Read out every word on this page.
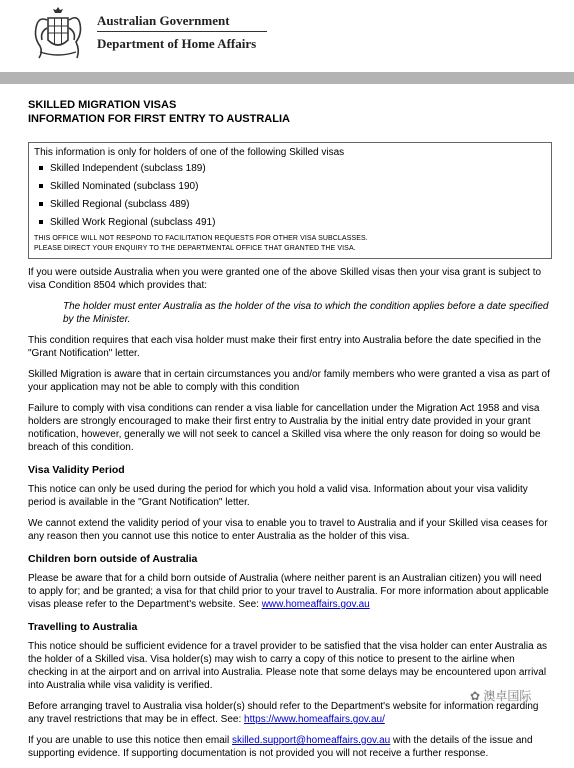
Australian Government
Department of Home Affairs
SKILLED MIGRATION VISAS
INFORMATION FOR FIRST ENTRY TO AUSTRALIA

This information is only for holders of one of the following Skilled visas

Skilled Independent (subclass 189)
Skilled Nominated (subclass 190)
Skilled Regional (subclass 489)
Skilled Work Regional (subclass 491)

THIS OFFICE WILL NOT RESPOND TO FACILITATION REQUESTS FOR OTHER VISA SUBCLASSES.

PLEASE DIRECT YOUR ENQUIRY TO THE DEPARTMENTAL OFFICE THAT GRANTED THE VISA.

If you were outside Australia when you were granted one of the above Skilled visas then your visa grant is subject to visa Condition 8504 which provides that:

The holder must enter Australia as the holder of the visa to which the condition applies before a date specified by the Minister.

This condition requires that each visa holder must make their first entry into Australia before the date specified in the "Grant Notification" letter.

Skilled Migration is aware that in certain circumstances you and/or family members who were granted a visa as part of your application may not be able to comply with this condition

Failure to comply with visa conditions can render a visa liable for cancellation under the Migration Act 1958 and visa holders are strongly encouraged to make their first entry to Australia by the initial entry date provided in your grant notification, however, generally we will not seek to cancel a Skilled visa where the only reason for doing so would be breach of this condition.

Visa Validity Period

This notice can only be used during the period for which you hold a valid visa. Information about your visa validity period is available in the "Grant Notification" letter.

We cannot extend the validity period of your visa to enable you to travel to Australia and if your Skilled visa ceases for any reason then you cannot use this notice to enter Australia as the holder of this visa.

Children born outside of Australia

Please be aware that for a child born outside of Australia (where neither parent is an Australian citizen) you will need to apply for; and be granted; a visa for that child prior to your travel to Australia. For more information about applicable visas please refer to the Department's website. See: www.homeaffairs.gov.au

Travelling to Australia

This notice should be sufficient evidence for a travel provider to be satisfied that the visa holder can enter Australia as the holder of a Skilled visa. Visa holder(s) may wish to carry a copy of this notice to present to the airline when checking in at the airport and on arrival into Australia. Please note that some delays may be encountered upon arrival into Australia while visa validity is verified.

Before arranging travel to Australia visa holder(s) should refer to the Department's website for information regarding any travel restrictions that may be in effect. See: https://www.homeaffairs.gov.au/

If you are unable to use this notice then email skilled.support@homeaffairs.gov.au with the details of the issue and supporting evidence. If supporting documentation is not provided you will not receive a further response.

✿ 澳卓国际
